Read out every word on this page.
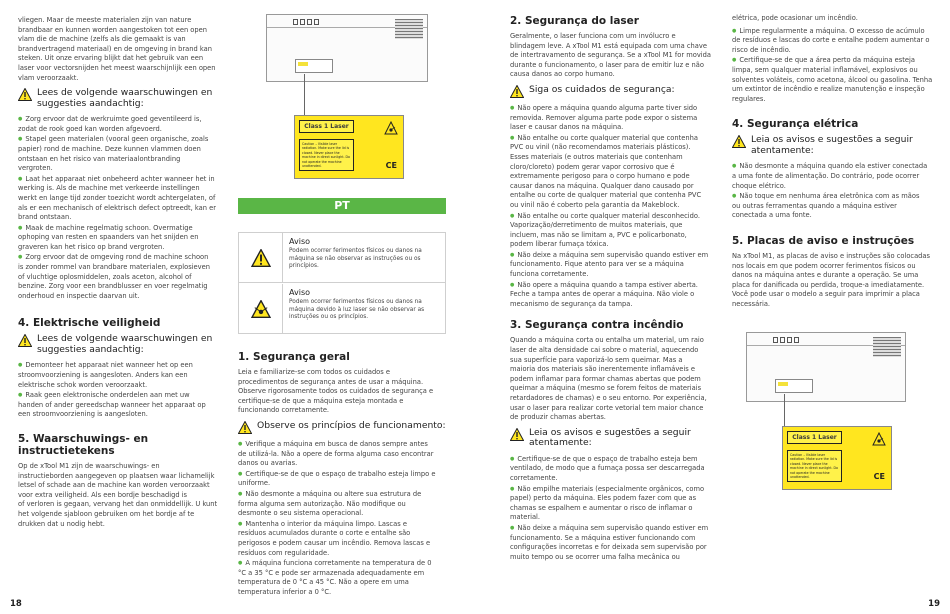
vliegen. Maar de meeste materialen zijn van nature
brandbaar en kunnen worden aangestoken tot een open
vlam die de machine (zelfs als die gemaakt is van
brandvertragend materiaal) en de omgeving in brand kan
steken. Uit onze ervaring blijkt dat het gebruik van een
laser voor vectorsnijden het meest waarschijnlijk een open
vlam veroorzaakt.

Lees de volgende waarschuwingen en suggesties aandachtig:

● Zorg ervoor dat de werkruimte goed geventileerd is,
zodat de rook goed kan worden afgevoerd.

● Stapel geen materialen (vooral geen organische, zoals
papier) rond de machine. Deze kunnen vlammen doen
ontstaan en het risico van materiaalontbranding
vergroten.

● Laat het apparaat niet onbeheerd achter wanneer het in
werking is. Als de machine met verkeerde instellingen
werkt en lange tijd zonder toezicht wordt achtergelaten, of
als er een mechanisch of elektrisch defect optreedt, kan er
brand ontstaan.

● Maak de machine regelmatig schoon. Overmatige
ophoping van resten en spaanders van het snijden en
graveren kan het risico op brand vergroten.

● Zorg ervoor dat de omgeving rond de machine schoon
is zonder rommel van brandbare materialen, explosieven
of vluchtige oplosmiddelen, zoals aceton, alcohol of
benzine. Zorg voor een brandblusser en voer regelmatig
onderhoud en inspectie daarvan uit.

4. Elektrische veiligheid
Lees de volgende waarschuwingen en suggesties aandachtig:

● Demonteer het apparaat niet wanneer het op een
stroomvoorziening is aangesloten. Anders kan een
elektrische schok worden veroorzaakt.

● Raak geen elektronische onderdelen aan met uw
handen of ander gereedschap wanneer het apparaat op
een stroomvoorziening is aangesloten.

5. Waarschuwings- en instructietekens

Op de xTool M1 zijn de waarschuwings- en
instructieborden aangegeven op plaatsen waar lichamelijk
letsel of schade aan de machine kan worden veroorzaakt
voor extra veiligheid. Als een bordje beschadigd is
of verloren is gegaan, vervang het dan onmiddellijk. U kunt
het volgende sjabloon gebruiken om het bordje af te
drukken dat u nodig hebt.

Class 1 Laser
Caution – Visible laser radiation. Make sure the lid is closed. Never place the machine in direct sunlight. Do not operate the machine unattended.	CE
PT
Aviso

Podem ocorrer ferimentos físicos ou danos na
máquina se não observar as instruções ou os
princípios.

Aviso

Podem ocorrer ferimentos físicos ou danos na
máquina devido à luz laser se não observar as
instruções ou os princípios.

1. Segurança geral

Leia e familiarize-se com todos os cuidados e
procedimentos de segurança antes de usar a máquina.
Observe rigorosamente todos os cuidados de segurança e
certifique-se de que a máquina esteja montada e
funcionando corretamente.

Observe os princípios de funcionamento:

● Verifique a máquina em busca de danos sempre antes
de utilizá-la. Não a opere de forma alguma caso encontrar
danos ou avarias.

● Certifique-se de que o espaço de trabalho esteja limpo e
uniforme.

● Não desmonte a máquina ou altere sua estrutura de
forma alguma sem autorização. Não modifique ou
desmonte o seu sistema operacional.

● Mantenha o interior da máquina limpo. Lascas e
resíduos acumulados durante o corte e entalhe são
perigosos e podem causar um incêndio. Remova lascas e
resíduos com regularidade.

● A máquina funciona corretamente na temperatura de 0
°C a 35 °C e pode ser armazenada adequadamente em
temperatura de 0 °C a 45 °C. Não a opere em uma
temperatura inferior a 0 °C.

18
2. Segurança do laser

Geralmente, o laser funciona com um invólucro e
blindagem leve. A xTool M1 está equipada com uma chave
de intertravamento de segurança. Se a xTool M1 for movida
durante o funcionamento, o laser para de emitir luz e não
causa danos ao corpo humano.

Siga os cuidados de segurança:

● Não opere a máquina quando alguma parte tiver sido
removida. Remover alguma parte pode expor o sistema
laser e causar danos na máquina.

● Não entalhe ou corte qualquer material que contenha
PVC ou vinil (não recomendamos materiais plásticos).
Esses materiais (e outros materiais que contenham
cloro/cloreto) podem gerar vapor corrosivo que é
extremamente perigoso para o corpo humano e pode
causar danos na máquina. Qualquer dano causado por
entalhe ou corte de qualquer material que contenha PVC
ou vinil não é coberto pela garantia da Makeblock.

● Não entalhe ou corte qualquer material desconhecido.
Vaporização/derretimento de muitos materiais, que
incluem, mas não se limitam a, PVC e policarbonato,
podem liberar fumaça tóxica.

● Não deixe a máquina sem supervisão quando estiver em
funcionamento. Fique atento para ver se a máquina
funciona corretamente.

● Não opere a máquina quando a tampa estiver aberta.
Feche a tampa antes de operar a máquina. Não viole o
mecanismo de segurança da tampa.

3. Segurança contra incêndio

Quando a máquina corta ou entalha um material, um raio
laser de alta densidade cai sobre o material, aquecendo
sua superfície para vaporizá-lo sem queimar. Mas a
maioria dos materiais são inerentemente inflamáveis e
podem inflamar para formar chamas abertas que podem
queimar a máquina (mesmo se forem feitos de materiais
retardadores de chamas) e o seu entorno. Por experiência,
usar o laser para realizar corte vetorial tem maior chance
de produzir chamas abertas.

Leia os avisos e sugestões a seguir atentamente:

● Certifique-se de que o espaço de trabalho esteja bem
ventilado, de modo que a fumaça possa ser descarregada
corretamente.

● Não empilhe materiais (especialmente orgânicos, como
papel) perto da máquina. Eles podem fazer com que as
chamas se espalhem e aumentar o risco de inflamar o
material.

● Não deixe a máquina sem supervisão quando estiver em
funcionamento. Se a máquina estiver funcionando com
configurações incorretas e for deixada sem supervisão por
muito tempo ou se ocorrer uma falha mecânica ou

elétrica, pode ocasionar um incêndio.

● Limpe regularmente a máquina. O excesso de acúmulo
de resíduos e lascas do corte e entalhe podem aumentar o
risco de incêndio.

● Certifique-se de que a área perto da máquina esteja
limpa, sem qualquer material inflamável, explosivos ou
solventes voláteis, como acetona, álcool ou gasolina. Tenha
um extintor de incêndio e realize manutenção e inspeção
regulares.

4. Segurança elétrica
Leia os avisos e sugestões a seguir atentamente:

● Não desmonte a máquina quando ela estiver conectada
a uma fonte de alimentação. Do contrário, pode ocorrer
choque elétrico.

● Não toque em nenhuma área eletrônica com as mãos
ou outras ferramentas quando a máquina estiver
conectada a uma fonte.

5. Placas de aviso e instruções

Na xTool M1, as placas de aviso e instruções são colocadas
nos locais em que podem ocorrer ferimentos físicos ou
danos na máquina antes e durante a operação. Se uma
placa for danificada ou perdida, troque-a imediatamente.
Você pode usar o modelo a seguir para imprimir a placa
necessária.

Class 1 Laser
Caution – Visible laser radiation. Make sure the lid is closed. Never place the machine in direct sunlight. Do not operate the machine unattended.	CE
19
